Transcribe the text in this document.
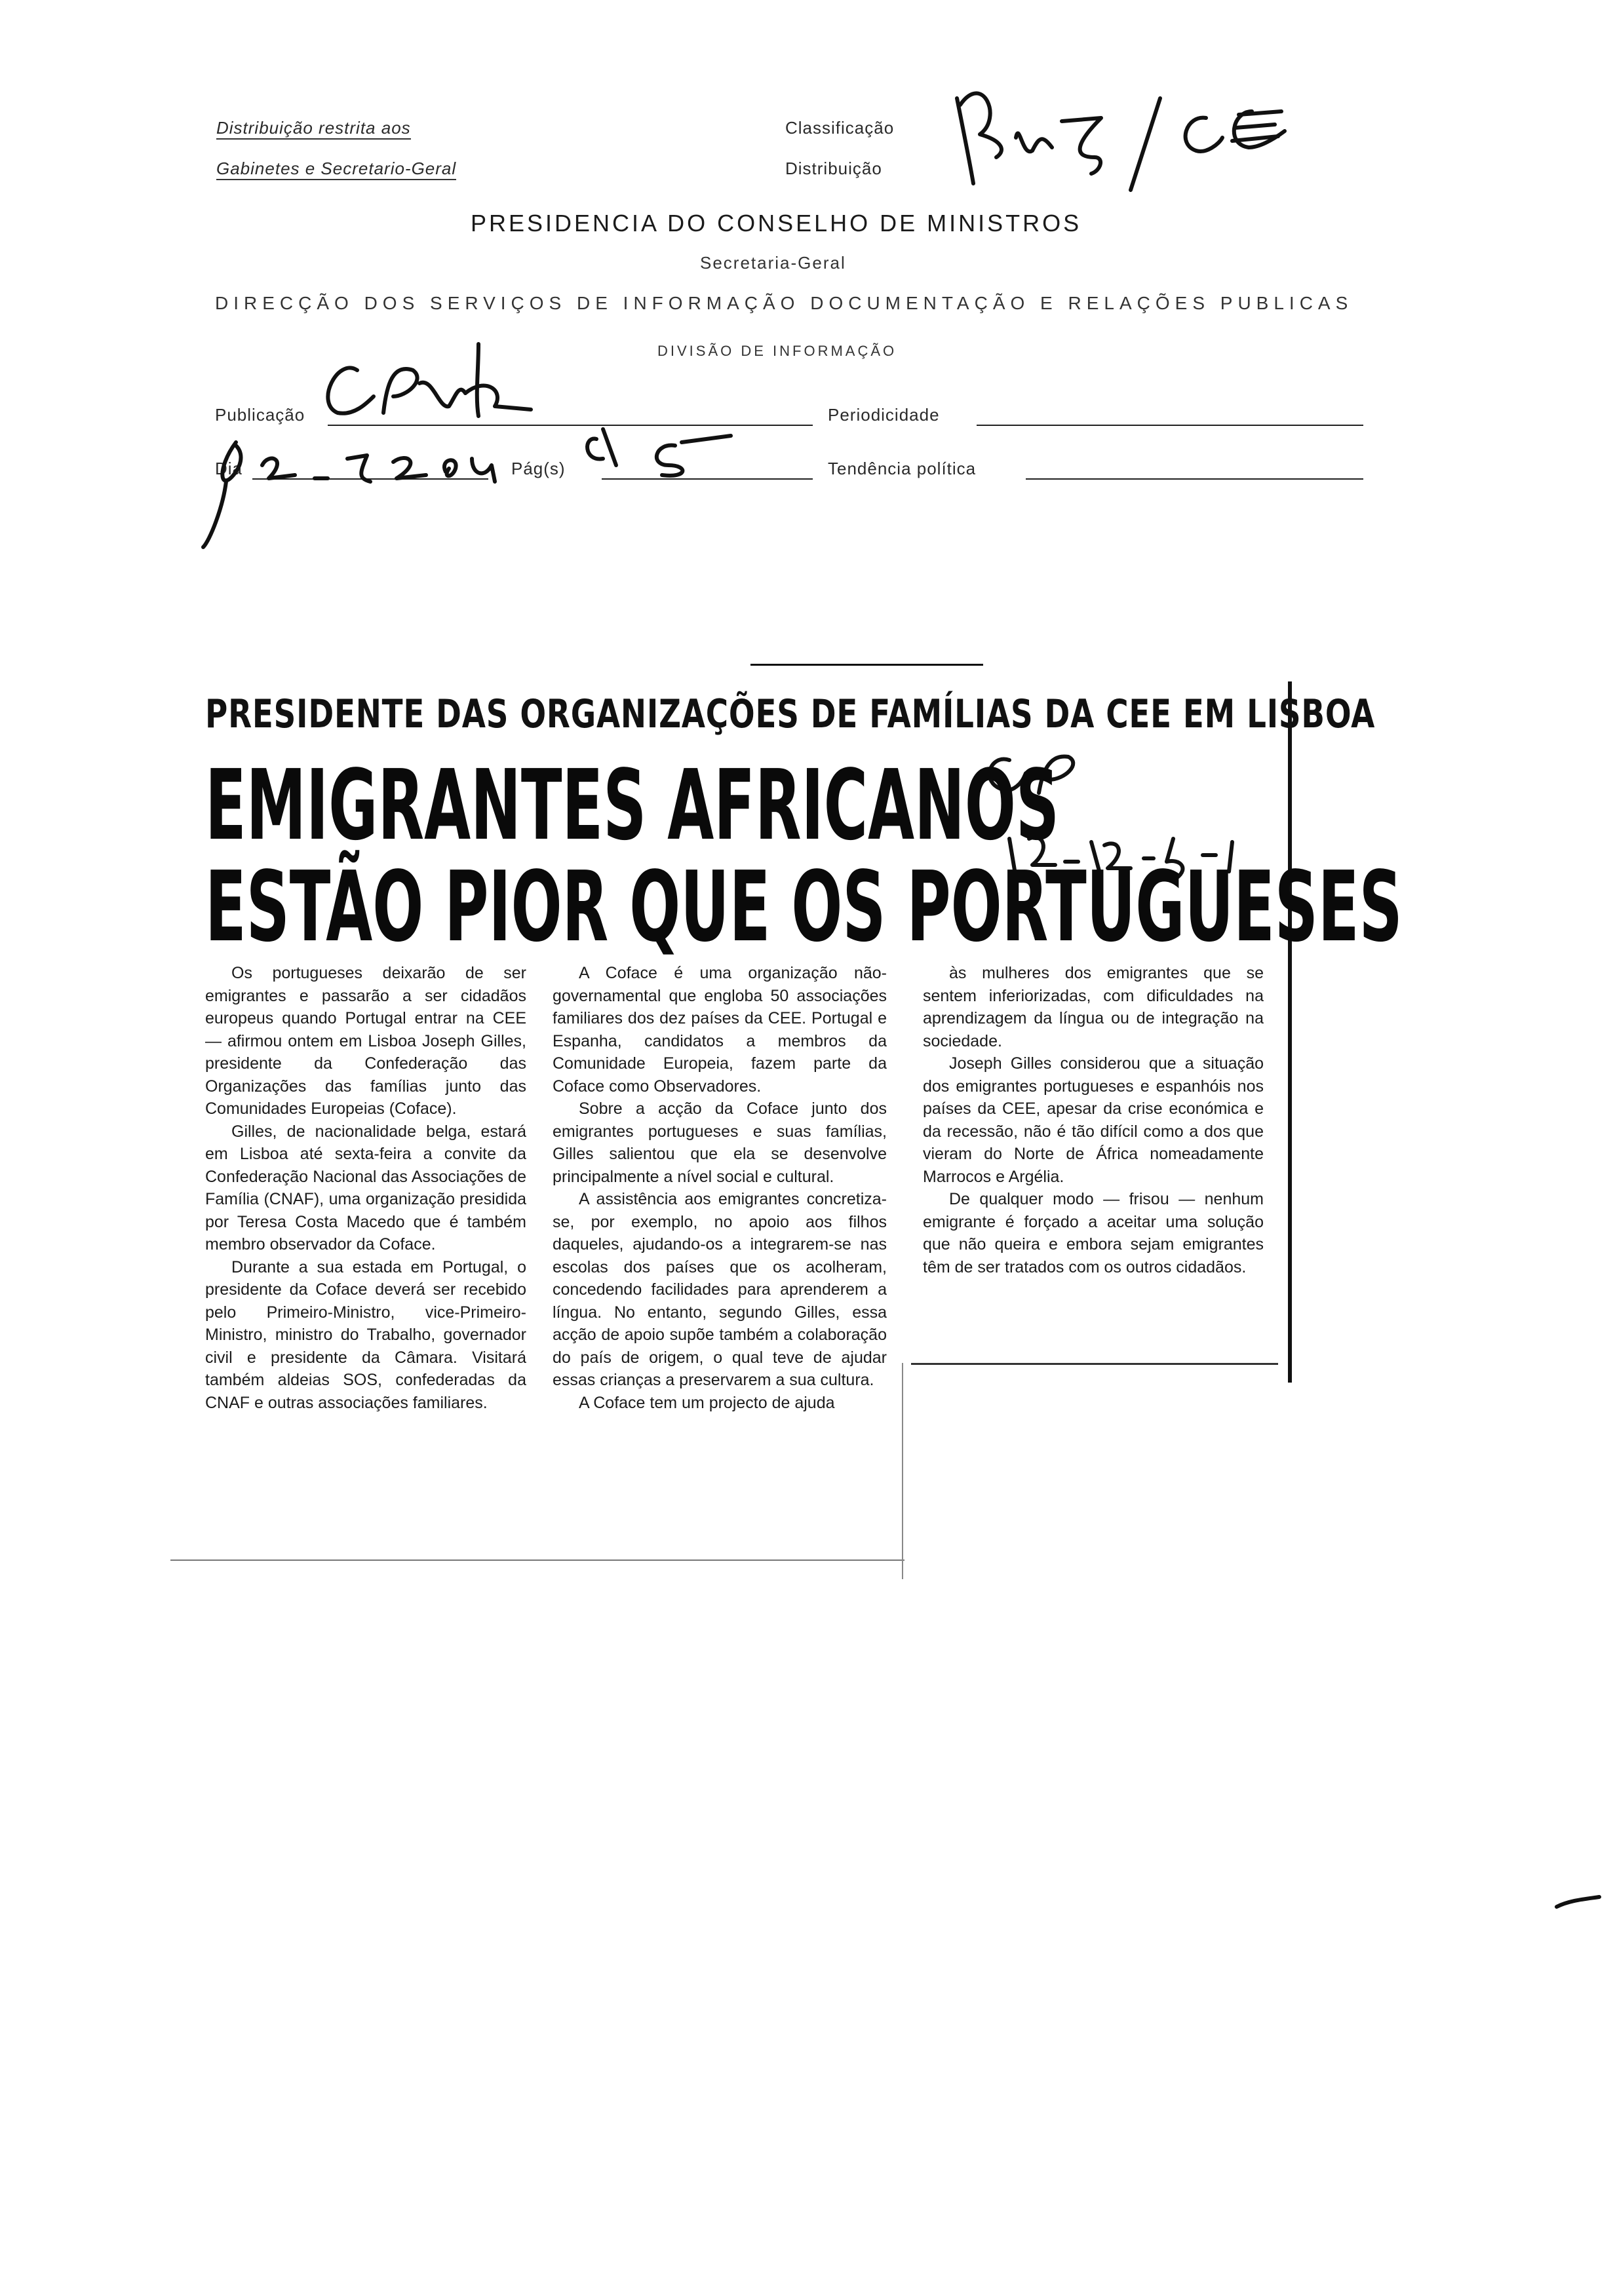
Distribuição restrita aos
Gabinetes e Secretario-Geral
Classificação
Distribuição
PRESIDENCIA DO CONSELHO DE MINISTROS
Secretaria-Geral
DIRECÇÃO DOS SERVIÇOS DE INFORMAÇÃO DOCUMENTAÇÃO E RELAÇÕES PUBLICAS
DIVISÃO DE INFORMAÇÃO
Publicação	Periodicidade
Dia	Pág(s)	Tendência política
PRESIDENTE DAS ORGANIZAÇÕES DE FAMÍLIAS DA CEE EM LISBOA
EMIGRANTES AFRICANOS
ESTÃO PIOR QUE OS PORTUGUESES

Os portugueses deixarão de ser emigrantes e passarão a ser cidadãos europeus quando Portugal entrar na CEE — afirmou ontem em Lisboa Joseph Gilles, presidente da Confederação das Organizações das famílias junto das Comunidades Europeias (Coface).

Gilles, de nacionalidade belga, estará em Lisboa até sexta-feira a convite da Confederação Nacional das Associações de Família (CNAF), uma organização presidida por Teresa Costa Macedo que é também membro observador da Coface.

Durante a sua estada em Portugal, o presidente da Coface deverá ser recebido pelo Primeiro-Ministro, vice-Primeiro-Ministro, ministro do Trabalho, governador civil e presidente da Câmara. Visitará também aldeias SOS, confederadas da CNAF e outras associações familiares.

A Coface é uma organização não-governamental que engloba 50 associações familiares dos dez países da CEE. Portugal e Espanha, candidatos a membros da Comunidade Europeia, fazem parte da Coface como Observadores.

Sobre a acção da Coface junto dos emigrantes portugueses e suas famílias, Gilles salientou que ela se desenvolve principalmente a nível social e cultural.

A assistência aos emigrantes concretiza-se, por exemplo, no apoio aos filhos daqueles, ajudando-os a integrarem-se nas escolas dos países que os acolheram, concedendo facilidades para aprenderem a língua. No entanto, segundo Gilles, essa acção de apoio supõe também a colaboração do país de origem, o qual teve de ajudar essas crianças a preservarem a sua cultura.

A Coface tem um projecto de ajuda

às mulheres dos emigrantes que se sentem inferiorizadas, com dificuldades na aprendizagem da língua ou de integração na sociedade.

Joseph Gilles considerou que a situação dos emigrantes portugueses e espanhóis nos países da CEE, apesar da crise económica e da recessão, não é tão difícil como a dos que vieram do Norte de África nomeadamente Marrocos e Argélia.

De qualquer modo — frisou — nenhum emigrante é forçado a aceitar uma solução que não queira e embora sejam emigrantes têm de ser tratados com os outros cidadãos.
